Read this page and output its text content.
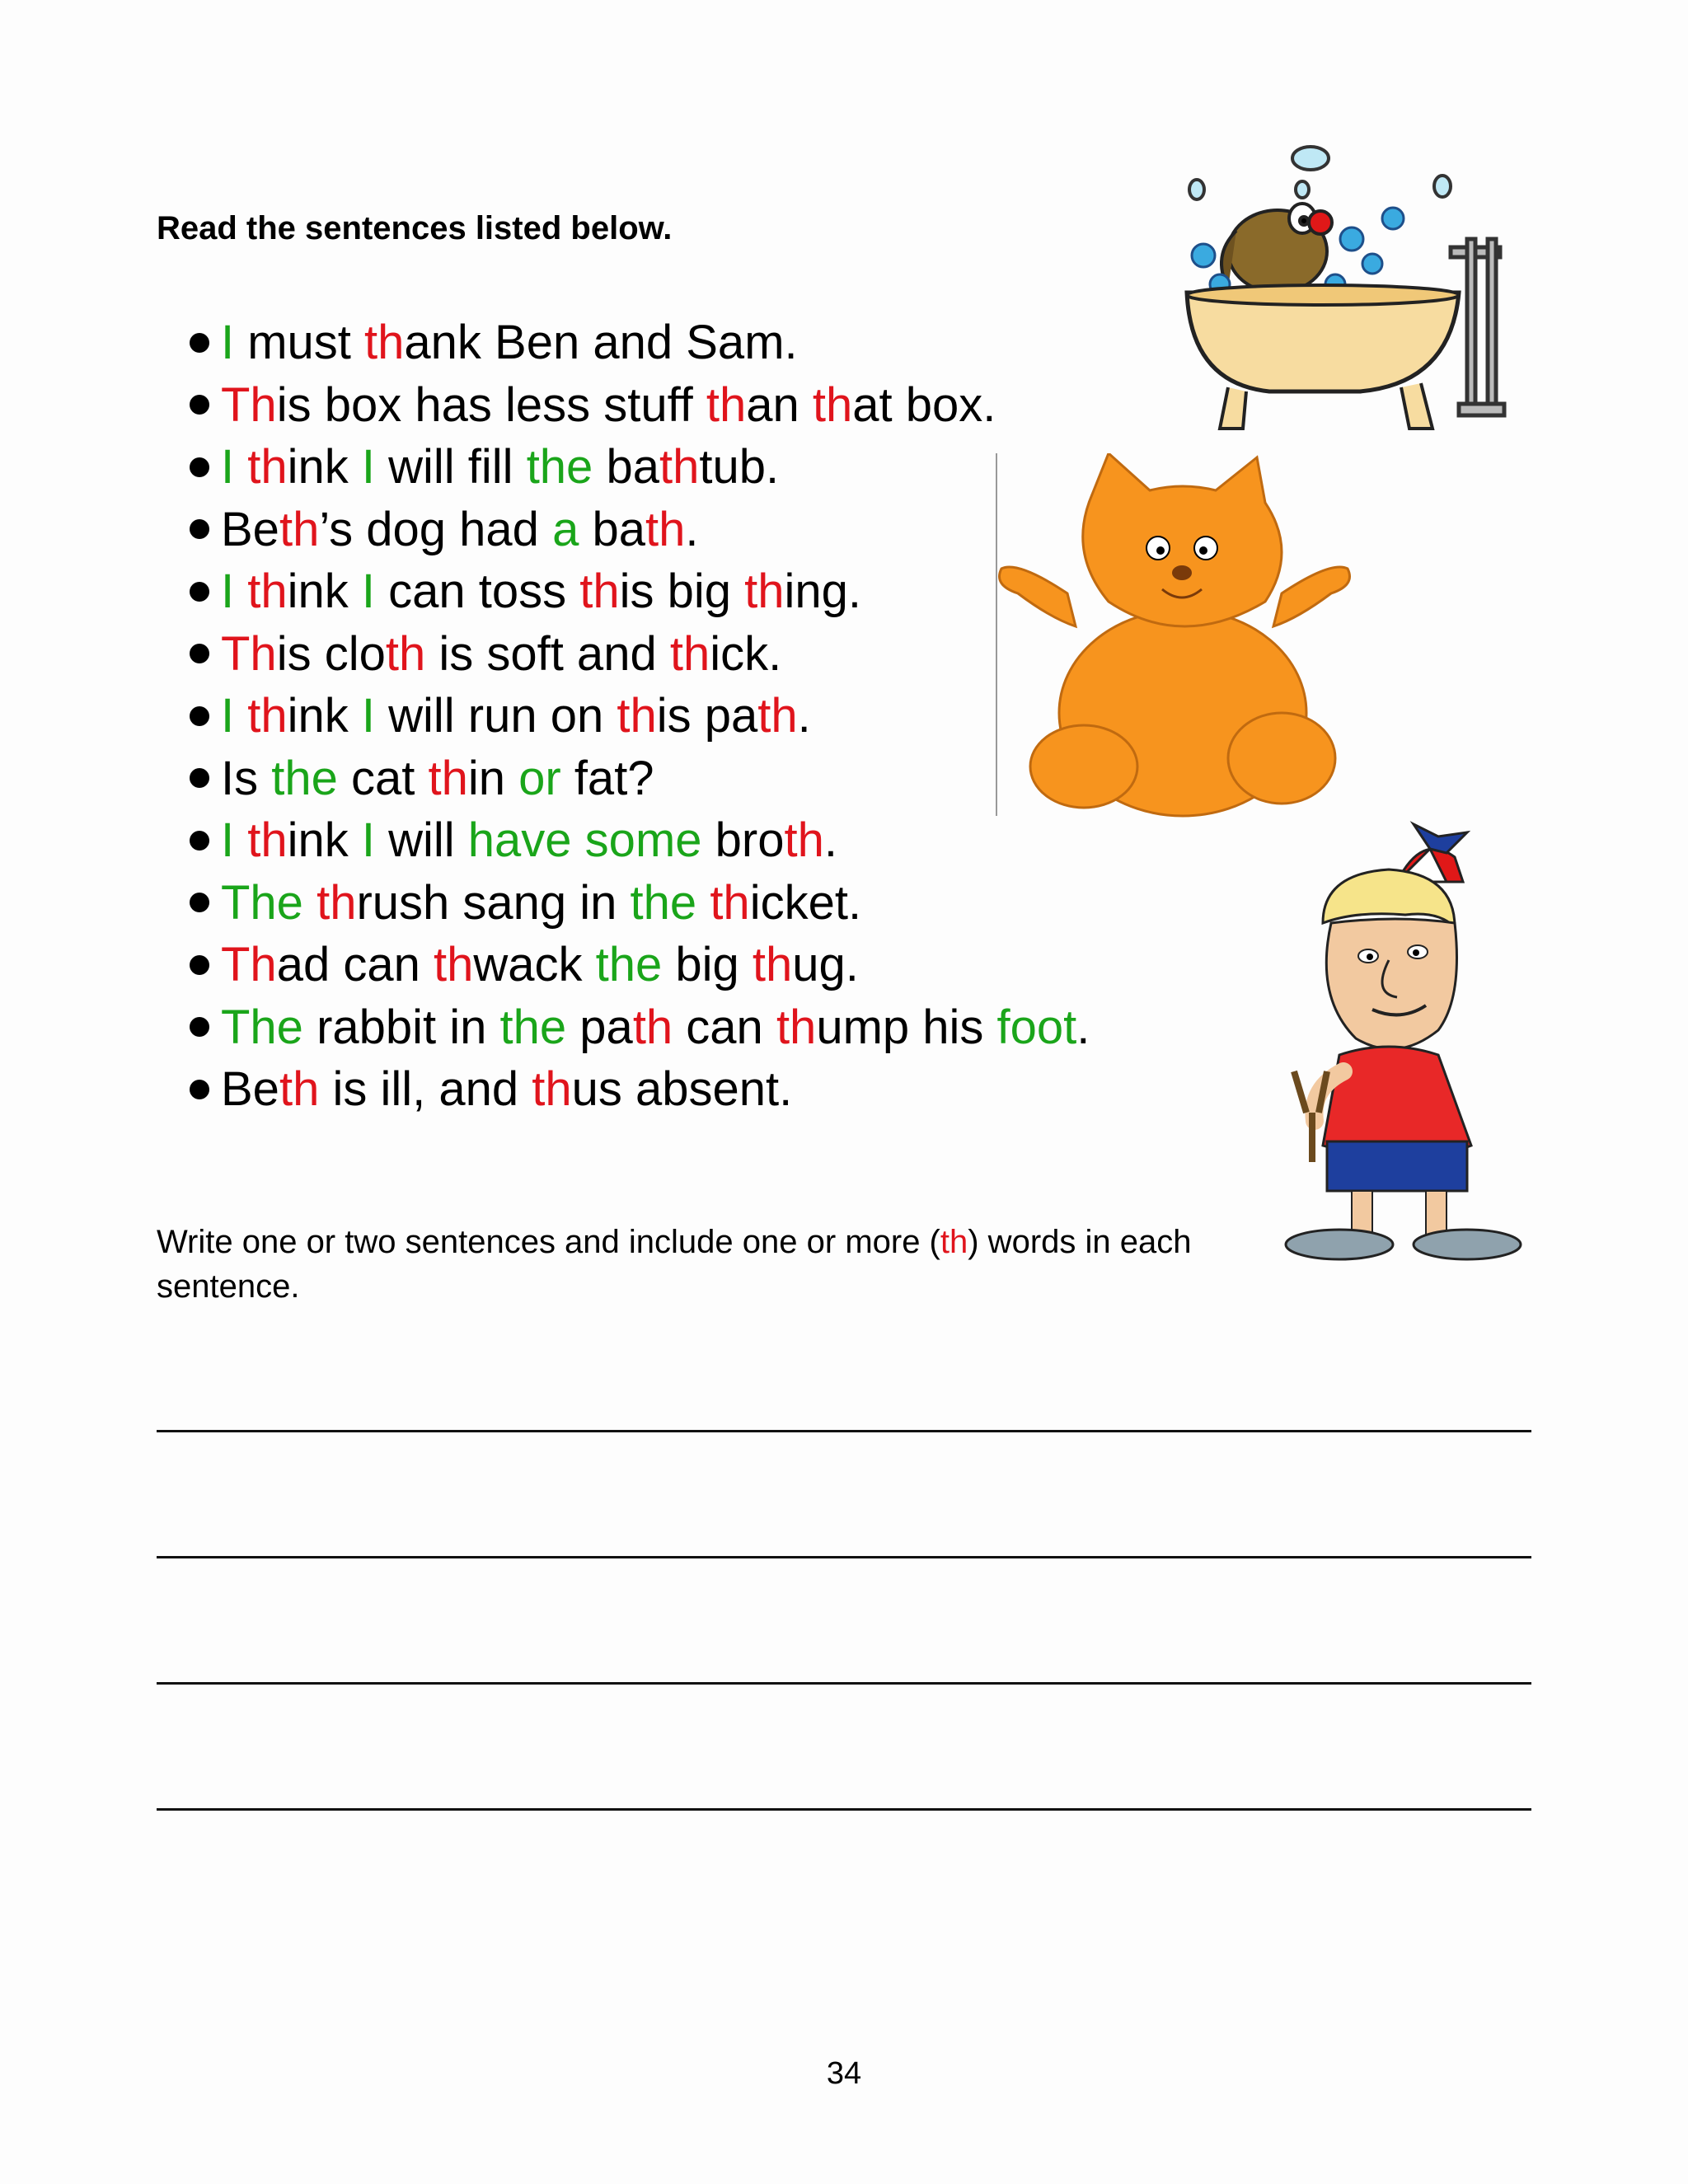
Read the sentences listed below.

I must thank Ben and Sam.
This box has less stuff than that box.
I think I will fill the bathtub.
Beth’s dog had a bath.
I think I can toss this big thing.
This cloth is soft and thick.
I think I will run on this path.
Is the cat thin or fat?
I think I will have some broth.
The thrush sang in the thicket.
Thad can thwack the big thug.
The rabbit in the path can thump his foot.
Beth is ill, and thus absent.

Write one or two sentences and include one or more (th) words in each sentence.

34
